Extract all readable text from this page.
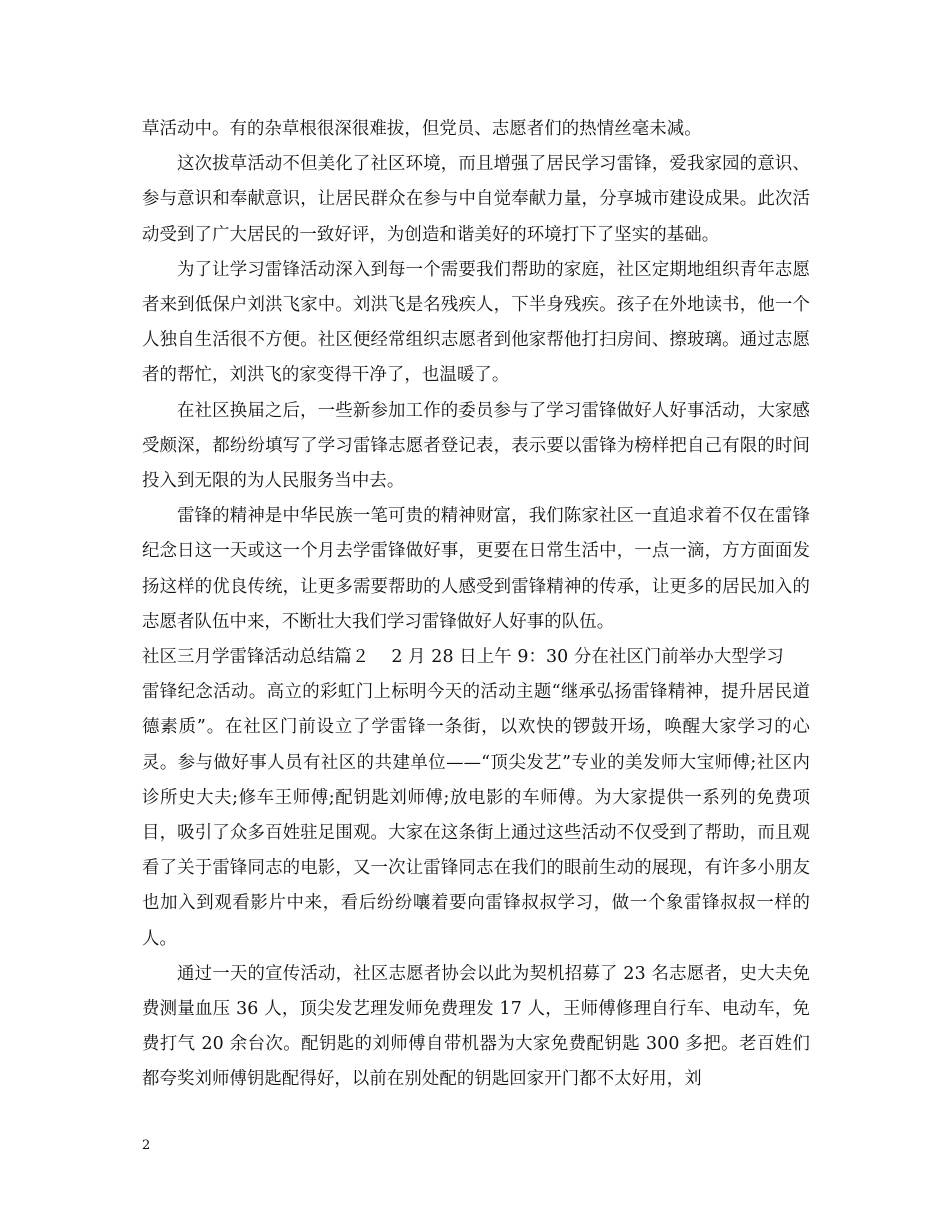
草活动中。有的杂草根很深很难拔，但党员、志愿者们的热情丝毫未减。

这次拔草活动不但美化了社区环境，而且增强了居民学习雷锋，爱我家园的意识、参与意识和奉献意识，让居民群众在参与中自觉奉献力量，分享城市建设成果。此次活动受到了广大居民的一致好评，为创造和谐美好的环境打下了坚实的基础。

为了让学习雷锋活动深入到每一个需要我们帮助的家庭，社区定期地组织青年志愿者来到低保户刘洪飞家中。刘洪飞是名残疾人，下半身残疾。孩子在外地读书，他一个人独自生活很不方便。社区便经常组织志愿者到他家帮他打扫房间、擦玻璃。通过志愿者的帮忙，刘洪飞的家变得干净了，也温暖了。

在社区换届之后，一些新参加工作的委员参与了学习雷锋做好人好事活动，大家感受颇深，都纷纷填写了学习雷锋志愿者登记表，表示要以雷锋为榜样把自己有限的时间投入到无限的为人民服务当中去。

雷锋的精神是中华民族一笔可贵的精神财富，我们陈家社区一直追求着不仅在雷锋纪念日这一天或这一个月去学雷锋做好事，更要在日常生活中，一点一滴，方方面面发扬这样的优良传统，让更多需要帮助的人感受到雷锋精神的传承，让更多的居民加入的志愿者队伍中来，不断壮大我们学习雷锋做好人好事的队伍。

社区三月学雷锋活动总结篇２ 2 月 28 日上午 9：30 分在社区门前举办大型学习

雷锋纪念活动。高立的彩虹门上标明今天的活动主题“继承弘扬雷锋精神，提升居民道德素质”。在社区门前设立了学雷锋一条街，以欢快的锣鼓开场，唤醒大家学习的心灵。参与做好事人员有社区的共建单位——“顶尖发艺”专业的美发师大宝师傅;社区内诊所史大夫;修车王师傅;配钥匙刘师傅;放电影的车师傅。为大家提供一系列的免费项目，吸引了众多百姓驻足围观。大家在这条街上通过这些活动不仅受到了帮助，而且观看了关于雷锋同志的电影，又一次让雷锋同志在我们的眼前生动的展现，有许多小朋友也加入到观看影片中来，看后纷纷嚷着要向雷锋叔叔学习，做一个象雷锋叔叔一样的人。

通过一天的宣传活动，社区志愿者协会以此为契机招募了 23 名志愿者，史大夫免费测量血压 36 人，顶尖发艺理发师免费理发 17 人，王师傅修理自行车、电动车，免费打气 20 余台次。配钥匙的刘师傅自带机器为大家免费配钥匙 300 多把。老百姓们都夸奖刘师傅钥匙配得好，以前在别处配的钥匙回家开门都不太好用，刘

2
